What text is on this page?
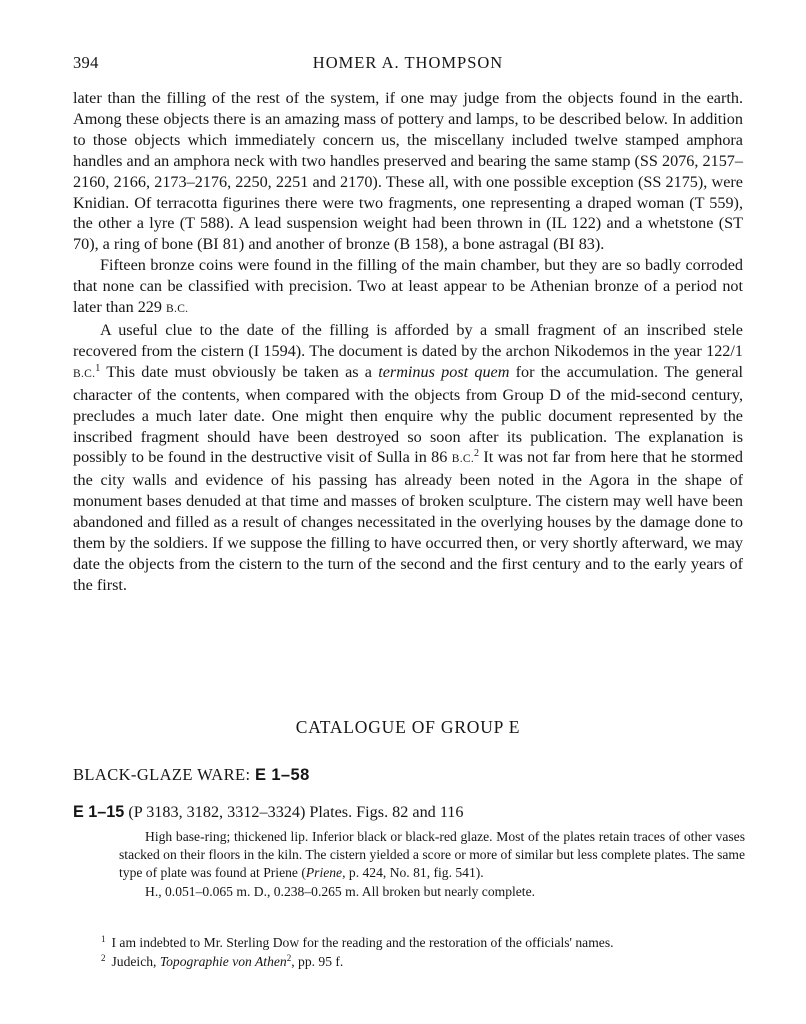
394	HOMER A. THOMPSON

later than the filling of the rest of the system, if one may judge from the objects found in the earth. Among these objects there is an amazing mass of pottery and lamps, to be described below. In addition to those objects which immediately concern us, the miscellany included twelve stamped amphora handles and an amphora neck with two handles preserved and bearing the same stamp (SS 2076, 2157–2160, 2166, 2173–2176, 2250, 2251 and 2170). These all, with one possible exception (SS 2175), were Knidian. Of terracotta figurines there were two fragments, one representing a draped woman (T 559), the other a lyre (T 588). A lead suspension weight had been thrown in (IL 122) and a whetstone (ST 70), a ring of bone (BI 81) and another of bronze (B 158), a bone astragal (BI 83).

Fifteen bronze coins were found in the filling of the main chamber, but they are so badly corroded that none can be classified with precision. Two at least appear to be Athenian bronze of a period not later than 229 B.C.

A useful clue to the date of the filling is afforded by a small fragment of an inscribed stele recovered from the cistern (I 1594). The document is dated by the archon Nikodemos in the year 122/1 B.C.$^1$ This date must obviously be taken as a terminus post quem for the accumulation. The general character of the contents, when compared with the objects from Group D of the mid-second century, precludes a much later date. One might then enquire why the public document represented by the inscribed fragment should have been destroyed so soon after its publication. The explanation is possibly to be found in the destructive visit of Sulla in 86 B.C.$^2$ It was not far from here that he stormed the city walls and evidence of his passing has already been noted in the Agora in the shape of monument bases denuded at that time and masses of broken sculpture. The cistern may well have been abandoned and filled as a result of changes necessitated in the overlying houses by the damage done to them by the soldiers. If we suppose the filling to have occurred then, or very shortly afterward, we may date the objects from the cistern to the turn of the second and the first century and to the early years of the first.

CATALOGUE OF GROUP E
BLACK-GLAZE WARE: E 1–58
E 1–15 (P 3183, 3182, 3312–3324) Plates. Figs. 82 and 116

High base-ring; thickened lip. Inferior black or black-red glaze. Most of the plates retain traces of other vases stacked on their floors in the kiln. The cistern yielded a score or more of similar but less complete plates. The same type of plate was found at Priene (Priene, p. 424, No. 81, fig. 541).

H., 0.051–0.065 m. D., 0.238–0.265 m. All broken but nearly complete.

$^1$ I am indebted to Mr. Sterling Dow for the reading and the restoration of the officials' names.
$^2$ Judeich, Topographie von Athen$^2$, pp. 95 f.
